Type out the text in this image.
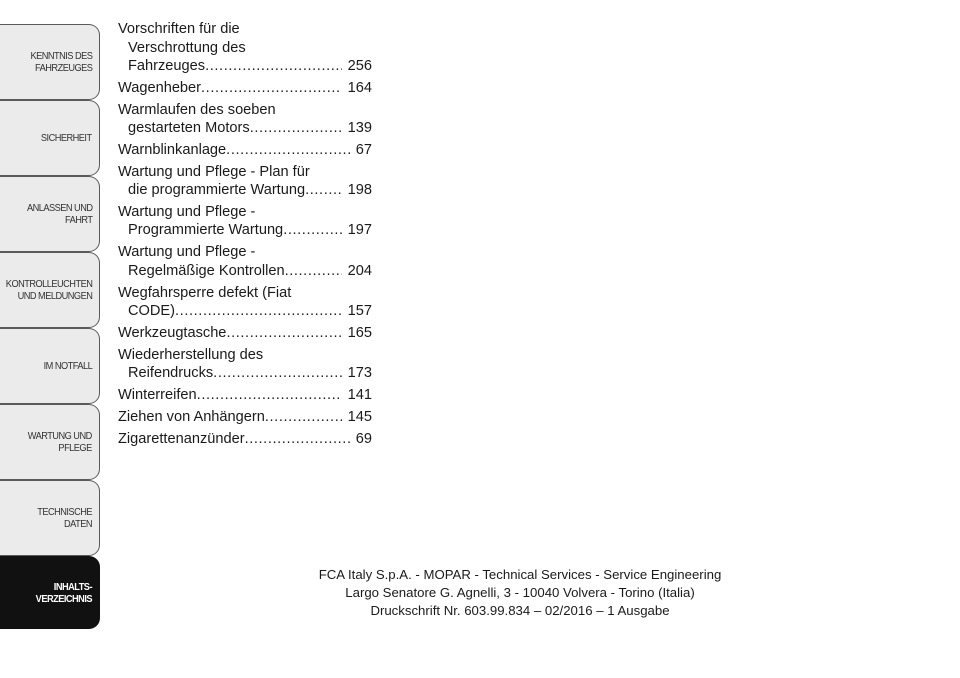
KENNTNIS DES
FAHRZEUGES
SICHERHEIT
ANLASSEN UND
FAHRT
KONTROLLEUCHTEN
UND MELDUNGEN
IM NOTFALL
WARTUNG UND
PFLEGE
TECHNISCHE DATEN
INHALTS-
VERZEICHNIS
Vorschriften für die
Verschrottung des
Fahrzeuges .....	256
Wagenheber .....	164
Warmlaufen des soeben
gestarteten Motors .....	139
Warnblinkanlage .....	67
Wartung und Pflege - Plan für
die programmierte Wartung .....	198
Wartung und Pflege -
Programmierte Wartung .....	197
Wartung und Pflege -
Regelmäßige Kontrollen .....	204
Wegfahrsperre defekt (Fiat
CODE) .....	157
Werkzeugtasche .....	165
Wiederherstellung des
Reifendrucks .....	173
Winterreifen .....	141
Ziehen von Anhängern .....	145
Zigarettenanzünder .....	69
FCA Italy S.p.A. - MOPAR - Technical Services - Service Engineering
Largo Senatore G. Agnelli, 3 - 10040 Volvera - Torino (Italia)
Druckschrift Nr. 603.99.834 – 02/2016 – 1 Ausgabe
